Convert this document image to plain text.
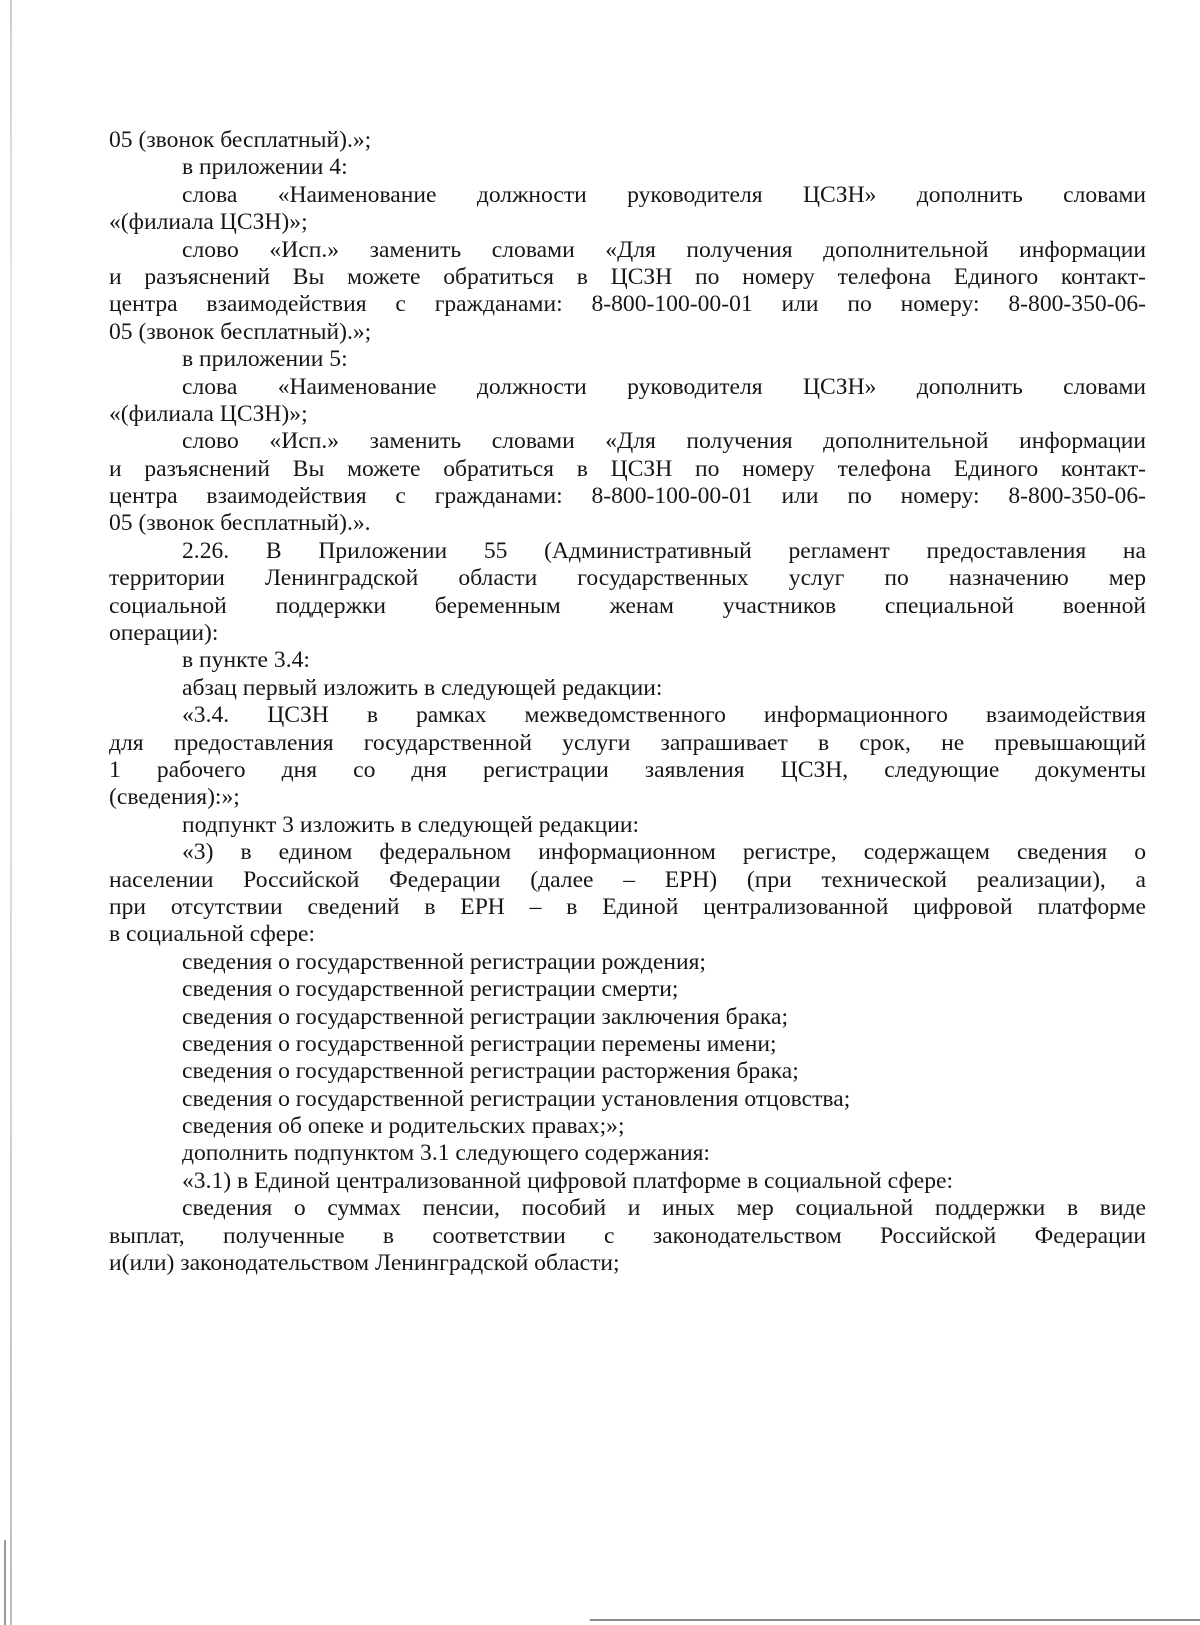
05 (звонок бесплатный).»;
в приложении 4:
слова «Наименование должности руководителя ЦСЗН» дополнить словами
«(филиала ЦСЗН)»;
слово «Исп.» заменить словами «Для получения дополнительной информации
и разъяснений Вы можете обратиться в ЦСЗН по номеру телефона Единого контакт-
центра взаимодействия с гражданами: 8-800-100-00-01 или по номеру: 8-800-350-06-
05 (звонок бесплатный).»;
в приложении 5:
слова «Наименование должности руководителя ЦСЗН» дополнить словами
«(филиала ЦСЗН)»;
слово «Исп.» заменить словами «Для получения дополнительной информации
и разъяснений Вы можете обратиться в ЦСЗН по номеру телефона Единого контакт-
центра взаимодействия с гражданами: 8-800-100-00-01 или по номеру: 8-800-350-06-
05 (звонок бесплатный).».
2.26. В Приложении 55 (Административный регламент предоставления на
территории Ленинградской области государственных услуг по назначению мер
социальной поддержки беременным женам участников специальной военной
операции):
в пункте 3.4:
абзац первый изложить в следующей редакции:
«3.4. ЦСЗН в рамках межведомственного информационного взаимодействия
для предоставления государственной услуги запрашивает в срок, не превышающий
1 рабочего дня со дня регистрации заявления ЦСЗН, следующие документы
(сведения):»;
подпункт 3 изложить в следующей редакции:
«3) в едином федеральном информационном регистре, содержащем сведения о
населении Российской Федерации (далее – ЕРН) (при технической реализации), а
при отсутствии сведений в ЕРН – в Единой централизованной цифровой платформе
в социальной сфере:
сведения о государственной регистрации рождения;
сведения о государственной регистрации смерти;
сведения о государственной регистрации заключения брака;
сведения о государственной регистрации перемены имени;
сведения о государственной регистрации расторжения брака;
сведения о государственной регистрации установления отцовства;
сведения об опеке и родительских правах;»;
дополнить подпунктом 3.1 следующего содержания:
«3.1) в Единой централизованной цифровой платформе в социальной сфере:
сведения о суммах пенсии, пособий и иных мер социальной поддержки в виде
выплат, полученные в соответствии с законодательством Российской Федерации
и(или) законодательством Ленинградской области;
